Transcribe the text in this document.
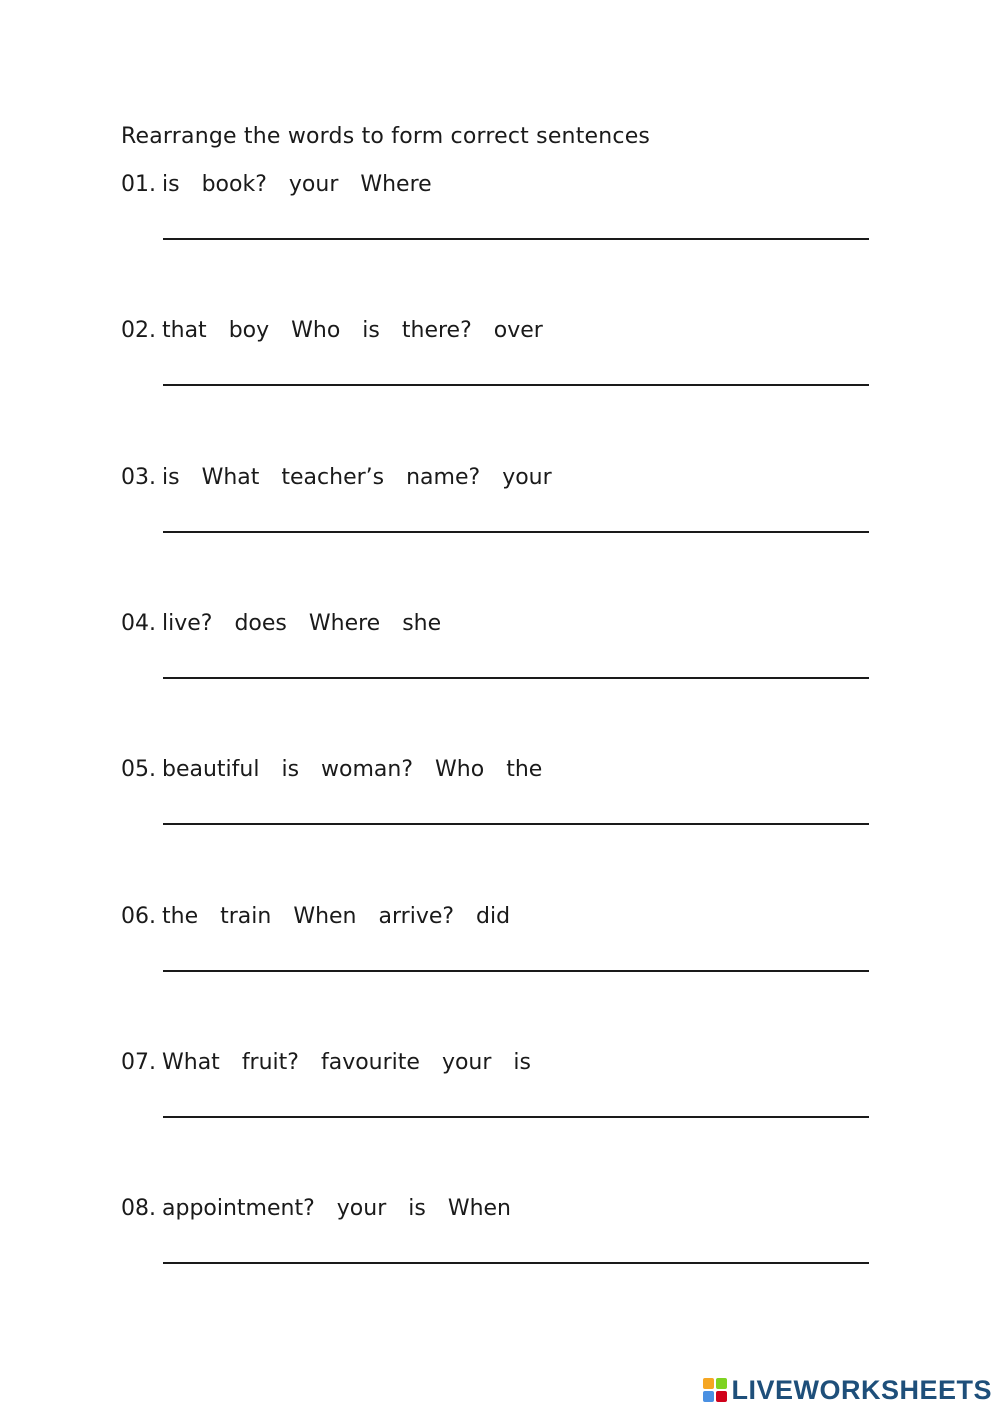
Rearrange the words to form correct sentences
01. is book? your Where
02. that boy Who is there? over
03. is What teacher’s name? your
04. live? does Where she
05. beautiful is woman? Who the
06. the train When arrive? did
07. What fruit? favourite your is
08. appointment? your is When
LIVEWORKSHEETS
